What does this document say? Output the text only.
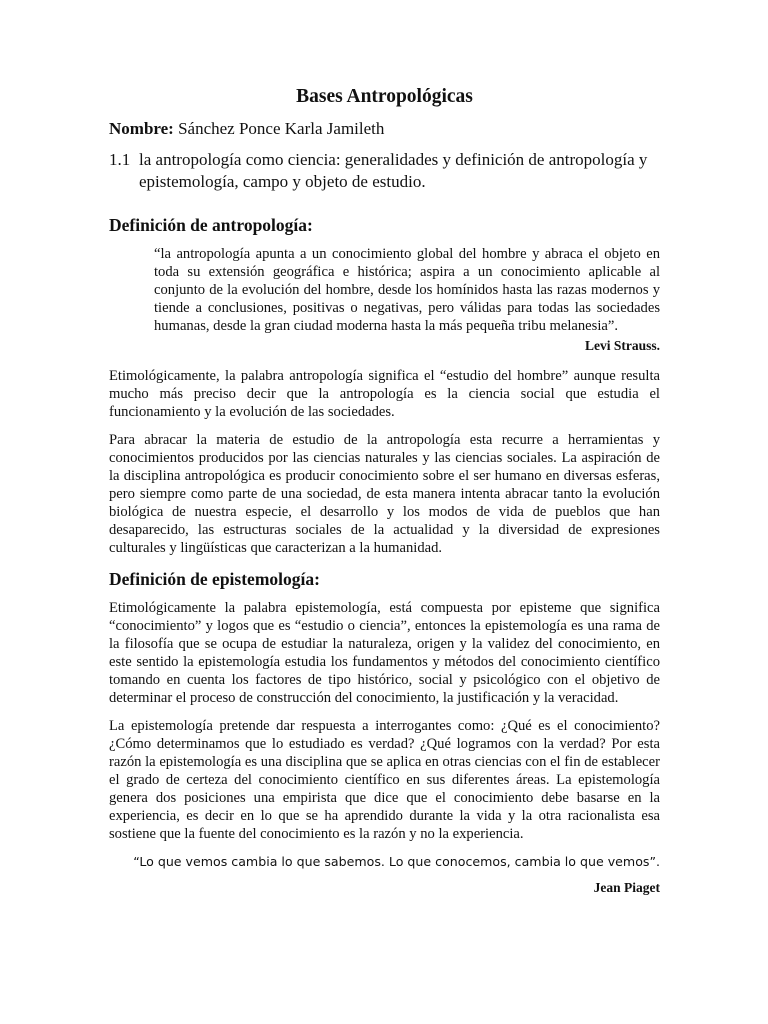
Bases Antropológicas
Nombre: Sánchez Ponce Karla Jamileth
1.1 la antropología como ciencia: generalidades y definición de antropología y epistemología, campo y objeto de estudio.
Definición de antropología:
“la antropología apunta a un conocimiento global del hombre y abraca el objeto en toda su extensión geográfica e histórica; aspira a un conocimiento aplicable al conjunto de la evolución del hombre, desde los homínidos hasta las razas modernos y tiende a conclusiones, positivas o negativas, pero válidas para todas las sociedades humanas, desde la gran ciudad moderna hasta la más pequeña tribu melanesia”.
Levi Strauss.

Etimológicamente, la palabra antropología significa el “estudio del hombre” aunque resulta mucho más preciso decir que la antropología es la ciencia social que estudia el funcionamiento y la evolución de las sociedades.

Para abracar la materia de estudio de la antropología esta recurre a herramientas y conocimientos producidos por las ciencias naturales y las ciencias sociales. La aspiración de la disciplina antropológica es producir conocimiento sobre el ser humano en diversas esferas, pero siempre como parte de una sociedad, de esta manera intenta abracar tanto la evolución biológica de nuestra especie, el desarrollo y los modos de vida de pueblos que han desaparecido, las estructuras sociales de la actualidad y la diversidad de expresiones culturales y lingüísticas que caracterizan a la humanidad.

Definición de epistemología:

Etimológicamente la palabra epistemología, está compuesta por episteme que significa “conocimiento” y logos que es “estudio o ciencia”, entonces la epistemología es una rama de la filosofía que se ocupa de estudiar la naturaleza, origen y la validez del conocimiento, en este sentido la epistemología estudia los fundamentos y métodos del conocimiento científico tomando en cuenta los factores de tipo histórico, social y psicológico con el objetivo de determinar el proceso de construcción del conocimiento, la justificación y la veracidad.

La epistemología pretende dar respuesta a interrogantes como: ¿Qué es el conocimiento? ¿Cómo determinamos que lo estudiado es verdad? ¿Qué logramos con la verdad? Por esta razón la epistemología es una disciplina que se aplica en otras ciencias con el fin de establecer el grado de certeza del conocimiento científico en sus diferentes áreas. La epistemología genera dos posiciones una empirista que dice que el conocimiento debe basarse en la experiencia, es decir en lo que se ha aprendido durante la vida y la otra racionalista esa sostiene que la fuente del conocimiento es la razón y no la experiencia.

“Lo que vemos cambia lo que sabemos. Lo que conocemos, cambia lo que vemos”.
Jean Piaget
